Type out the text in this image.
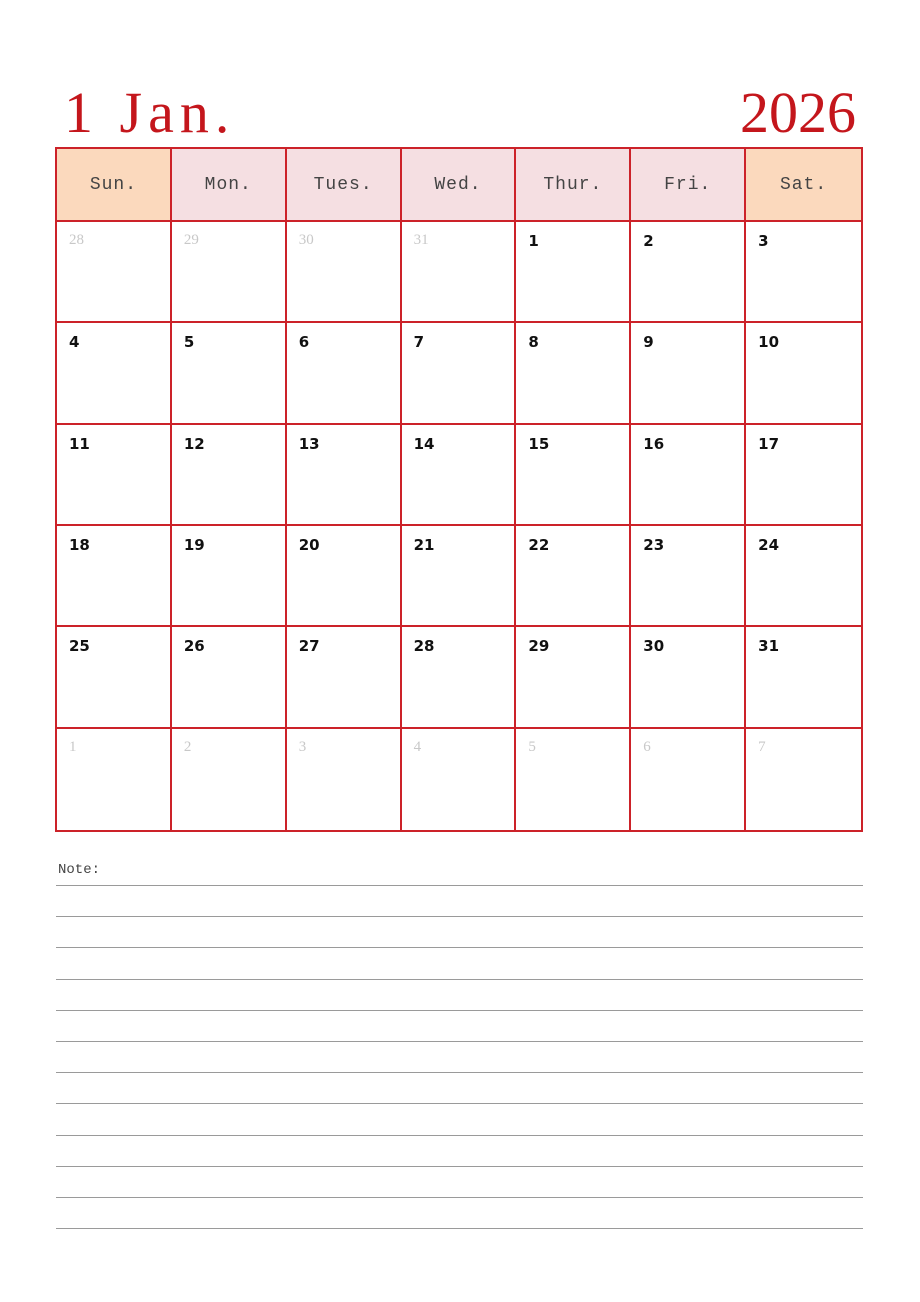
1 Jan.	2026
Sun.	Mon.	Tues.	Wed.	Thur.	Fri.	Sat.
28	29	30	31	1	2	3
4	5	6	7	8	9	10
11	12	13	14	15	16	17
18	19	20	21	22	23	24
25	26	27	28	29	30	31
1	2	3	4	5	6	7
Note:
